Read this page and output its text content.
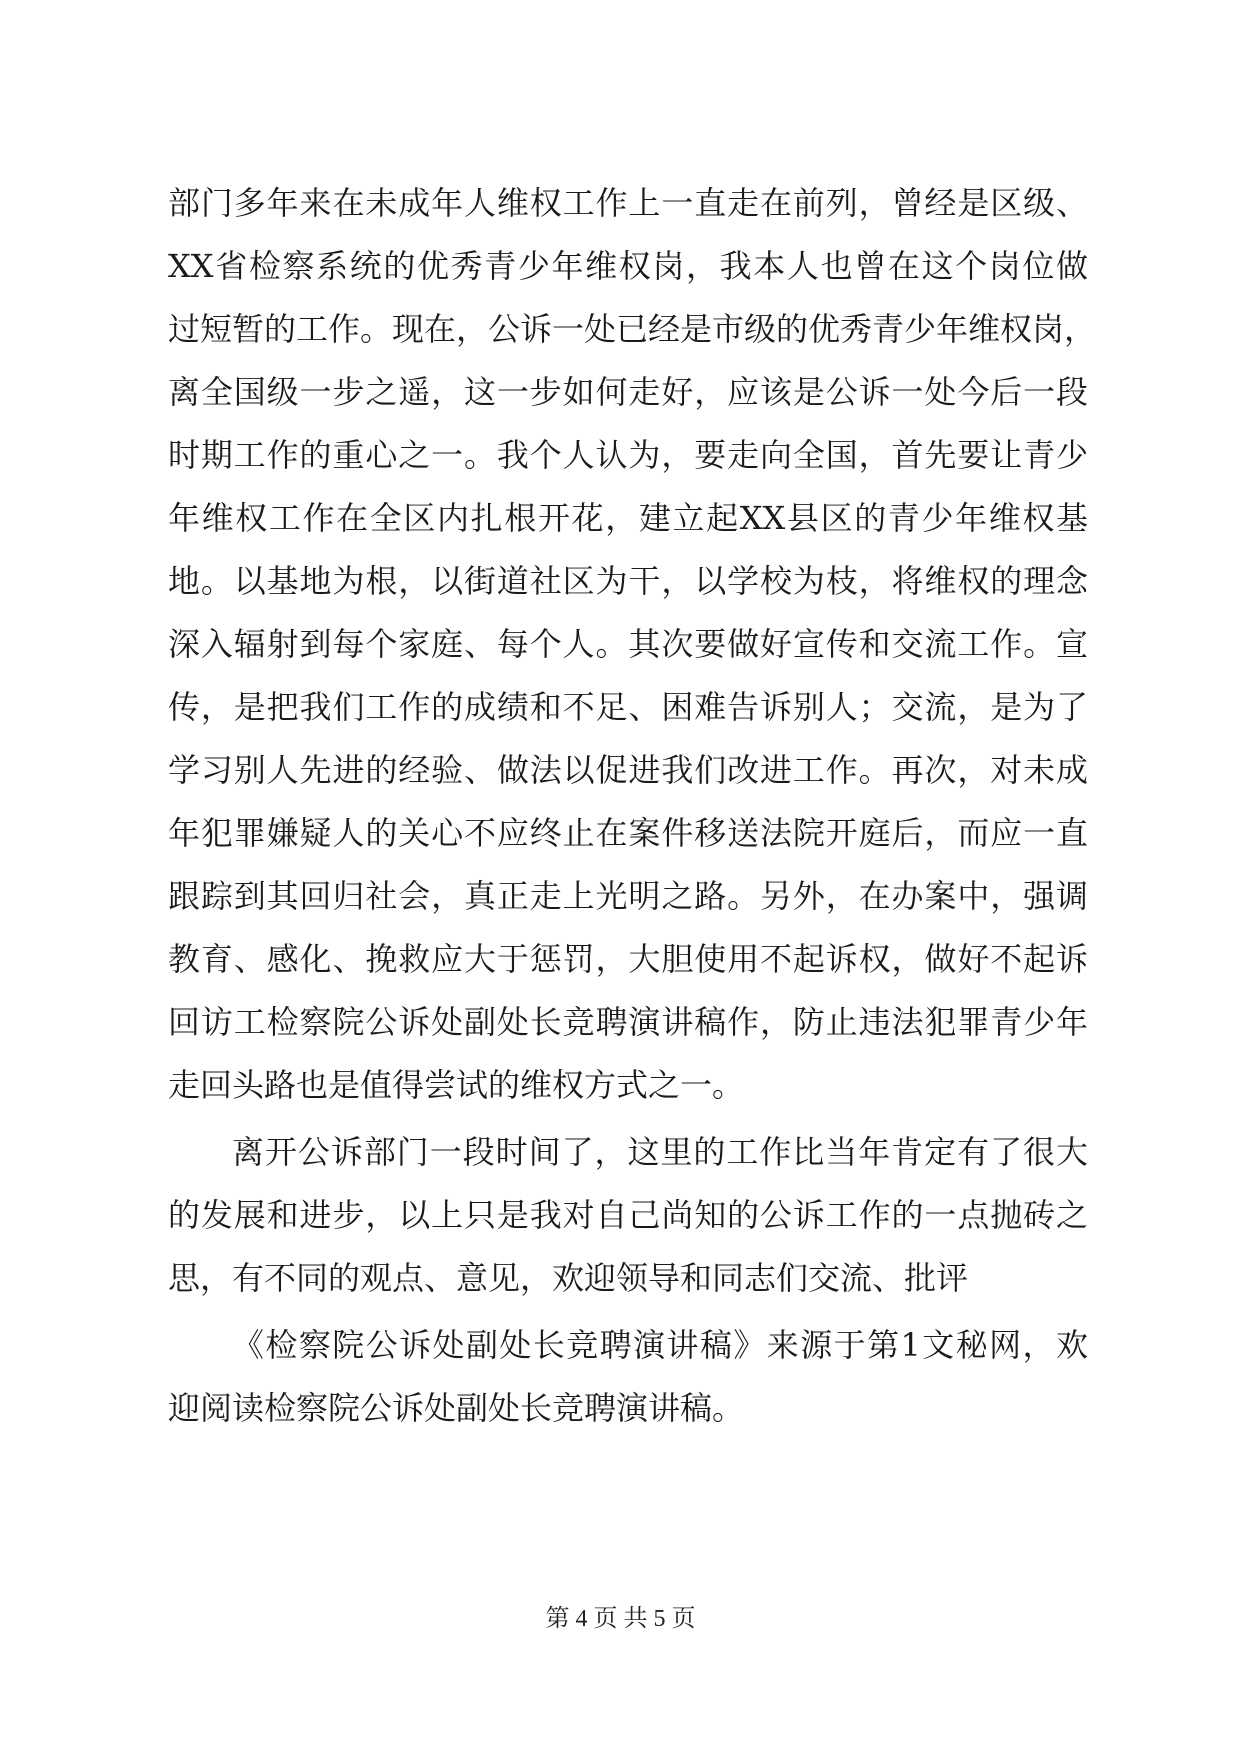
部门多年来在未成年人维权工作上一直走在前列，曾经是区级、
XX省检察系统的优秀青少年维权岗，我本人也曾在这个岗位做
过短暂的工作。现在，公诉一处已经是市级的优秀青少年维权岗，
离全国级一步之遥，这一步如何走好，应该是公诉一处今后一段
时期工作的重心之一。我个人认为，要走向全国，首先要让青少
年维权工作在全区内扎根开花，建立起XX县区的青少年维权基
地。以基地为根，以街道社区为干，以学校为枝，将维权的理念
深入辐射到每个家庭、每个人。其次要做好宣传和交流工作。宣
传，是把我们工作的成绩和不足、困难告诉别人；交流，是为了
学习别人先进的经验、做法以促进我们改进工作。再次，对未成
年犯罪嫌疑人的关心不应终止在案件移送法院开庭后，而应一直
跟踪到其回归社会，真正走上光明之路。另外，在办案中，强调
教育、感化、挽救应大于惩罚，大胆使用不起诉权，做好不起诉
回访工检察院公诉处副处长竞聘演讲稿作，防止违法犯罪青少年
走回头路也是值得尝试的维权方式之一。
离开公诉部门一段时间了，这里的工作比当年肯定有了很大
的发展和进步，以上只是我对自己尚知的公诉工作的一点抛砖之
思，有不同的观点、意见，欢迎领导和同志们交流、批评
《检察院公诉处副处长竞聘演讲稿》来源于第1文秘网，欢
迎阅读检察院公诉处副处长竞聘演讲稿。
第 4 页 共 5 页
